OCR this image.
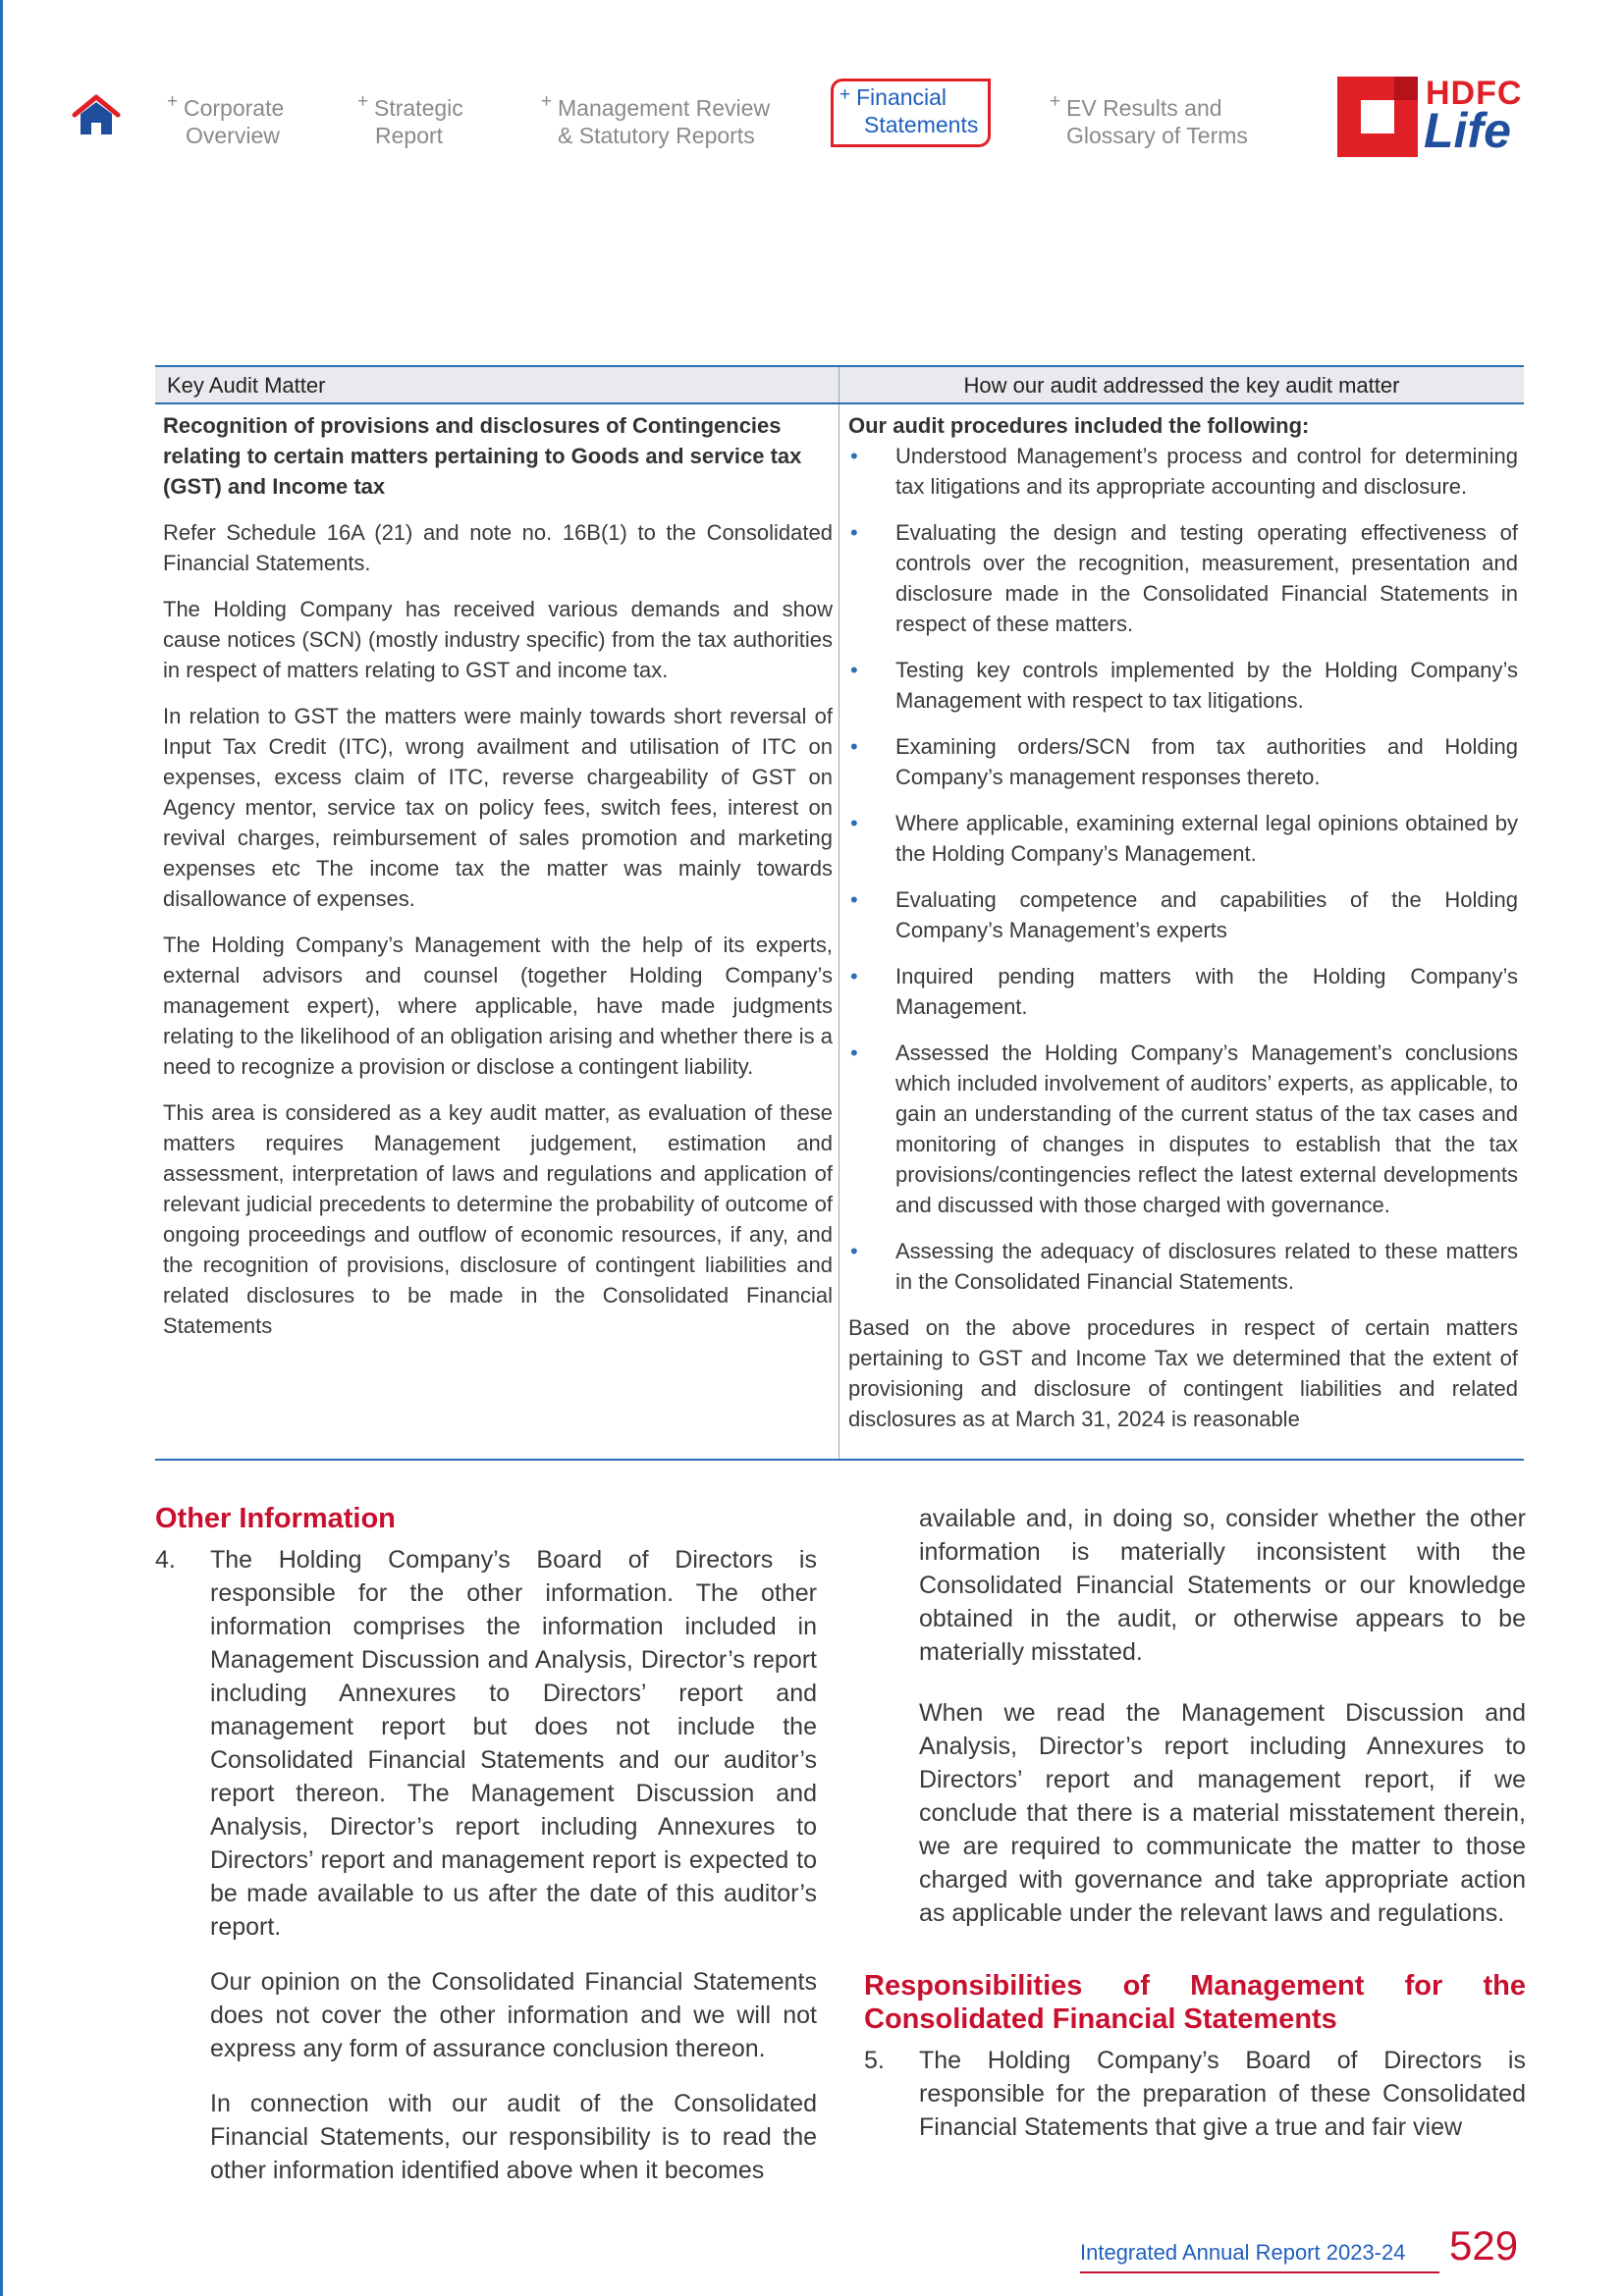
+ Corporate
Overview
+ Strategic
Report
+ Management Review
& Statutory Reports
+ Financial
Statements
+ EV Results and
Glossary of Terms
HDFC
Life
Key Audit Matter	How our audit addressed the key audit matter

Recognition of provisions and disclosures of Contingencies relating to certain matters pertaining to Goods and service tax (GST) and Income tax

Refer Schedule 16A (21) and note no. 16B(1) to the Consolidated Financial Statements.

The Holding Company has received various demands and show cause notices (SCN) (mostly industry specific) from the tax authorities in respect of matters relating to GST and income tax.

In relation to GST the matters were mainly towards short reversal of Input Tax Credit (ITC), wrong availment and utilisation of ITC on expenses, excess claim of ITC, reverse chargeability of GST on Agency mentor, service tax on policy fees, switch fees, interest on revival charges, reimbursement of sales promotion and marketing expenses etc The income tax the matter was mainly towards disallowance of expenses.

The Holding Company’s Management with the help of its experts, external advisors and counsel (together Holding Company’s management expert), where applicable, have made judgments relating to the likelihood of an obligation arising and whether there is a need to recognize a provision or disclose a contingent liability.

This area is considered as a key audit matter, as evaluation of these matters requires Management judgement, estimation and assessment, interpretation of laws and regulations and application of relevant judicial precedents to determine the probability of outcome of ongoing proceedings and outflow of economic resources, if any, and the recognition of provisions, disclosure of contingent liabilities and related disclosures to be made in the Consolidated Financial Statements

Our audit procedures included the following:

• Understood Management’s process and control for determining tax litigations and its appropriate accounting and disclosure.
• Evaluating the design and testing operating effectiveness of controls over the recognition, measurement, presentation and disclosure made in the Consolidated Financial Statements in respect of these matters.
• Testing key controls implemented by the Holding Company’s Management with respect to tax litigations.
• Examining orders/SCN from tax authorities and Holding Company’s management responses thereto.
• Where applicable, examining external legal opinions obtained by the Holding Company’s Management.
• Evaluating competence and capabilities of the Holding Company’s Management’s experts
• Inquired pending matters with the Holding Company’s Management.
• Assessed the Holding Company’s Management’s conclusions which included involvement of auditors’ experts, as applicable, to gain an understanding of the current status of the tax cases and monitoring of changes in disputes to establish that the tax provisions/contingencies reflect the latest external developments and discussed with those charged with governance.
• Assessing the adequacy of disclosures related to these matters in the Consolidated Financial Statements.

Based on the above procedures in respect of certain matters pertaining to GST and Income Tax we determined that the extent of provisioning and disclosure of contingent liabilities and related disclosures as at March 31, 2024 is reasonable

Other Information
4. The Holding Company’s Board of Directors is responsible for the other information. The other information comprises the information included in Management Discussion and Analysis, Director’s report including Annexures to Directors’ report and management report but does not include the Consolidated Financial Statements and our auditor’s report thereon. The Management Discussion and Analysis, Director’s report including Annexures to Directors’ report and management report is expected to be made available to us after the date of this auditor’s report.

Our opinion on the Consolidated Financial Statements does not cover the other information and we will not express any form of assurance conclusion thereon.

In connection with our audit of the Consolidated Financial Statements, our responsibility is to read the other information identified above when it becomes

available and, in doing so, consider whether the other information is materially inconsistent with the Consolidated Financial Statements or our knowledge obtained in the audit, or otherwise appears to be materially misstated.

When we read the Management Discussion and Analysis, Director’s report including Annexures to Directors’ report and management report, if we conclude that there is a material misstatement therein, we are required to communicate the matter to those charged with governance and take appropriate action as applicable under the relevant laws and regulations.

Responsibilities of Management for the Consolidated Financial Statements
5. The Holding Company’s Board of Directors is responsible for the preparation of these Consolidated Financial Statements that give a true and fair view

Integrated Annual Report 2023-24 529
